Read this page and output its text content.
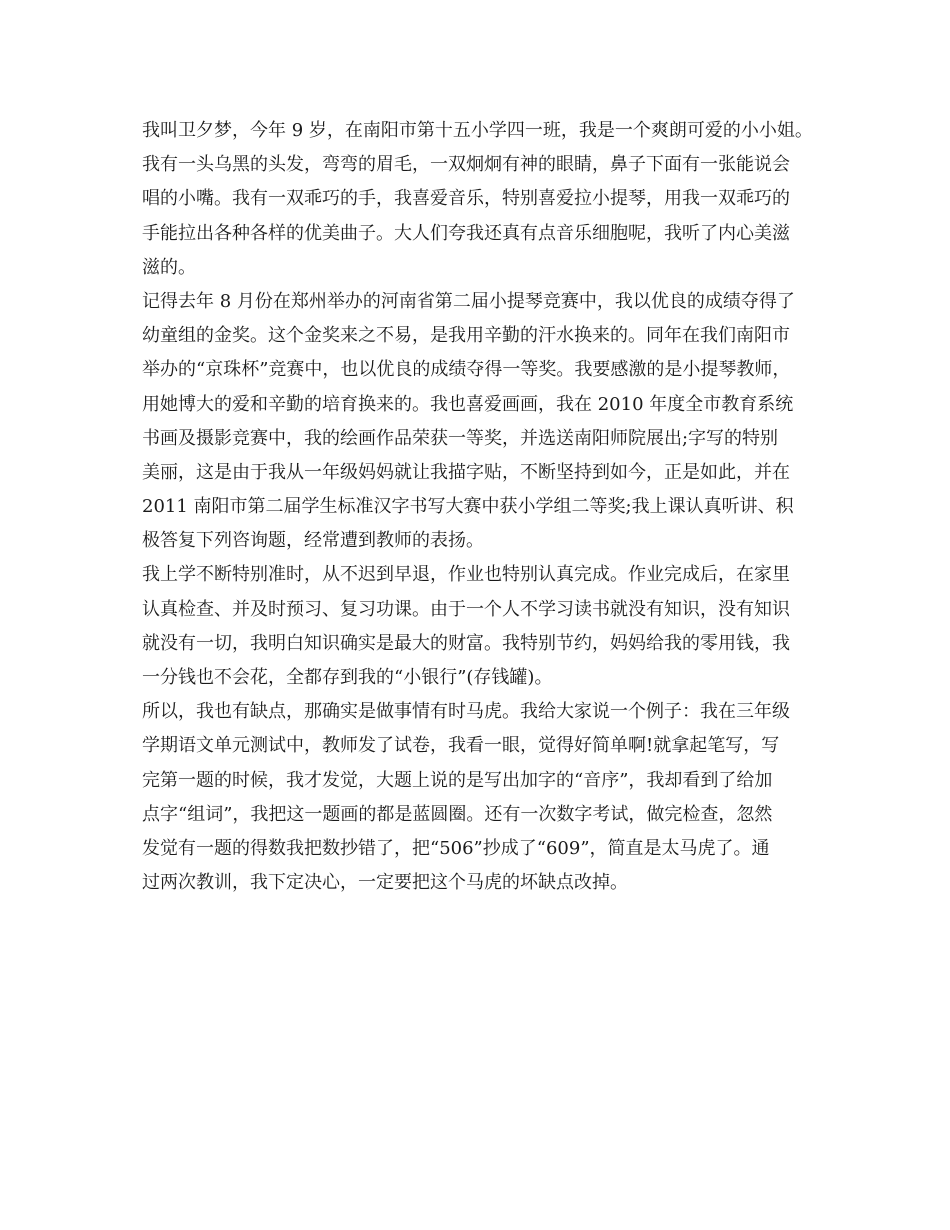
我叫卫夕梦，今年 9 岁，在南阳市第十五小学四一班，我是一个爽朗可爱的小小姐。
我有一头乌黑的头发，弯弯的眉毛，一双炯炯有神的眼睛，鼻子下面有一张能说会
唱的小嘴。我有一双乖巧的手，我喜爱音乐，特别喜爱拉小提琴，用我一双乖巧的
手能拉出各种各样的优美曲子。大人们夸我还真有点音乐细胞呢，我听了内心美滋
滋的。
记得去年 8 月份在郑州举办的河南省第二届小提琴竞赛中，我以优良的成绩夺得了
幼童组的金奖。这个金奖来之不易，是我用辛勤的汗水换来的。同年在我们南阳市
举办的“京珠杯”竞赛中，也以优良的成绩夺得一等奖。我要感激的是小提琴教师，
用她博大的爱和辛勤的培育换来的。我也喜爱画画，我在 2010 年度全市教育系统
书画及摄影竞赛中，我的绘画作品荣获一等奖，并选送南阳师院展出;字写的特别
美丽，这是由于我从一年级妈妈就让我描字贴，不断坚持到如今，正是如此，并在
2011 南阳市第二届学生标准汉字书写大赛中获小学组二等奖;我上课认真听讲、积
极答复下列咨询题，经常遭到教师的表扬。
我上学不断特别准时，从不迟到早退，作业也特别认真完成。作业完成后，在家里
认真检查、并及时预习、复习功课。由于一个人不学习读书就没有知识，没有知识
就没有一切，我明白知识确实是最大的财富。我特别节约，妈妈给我的零用钱，我
一分钱也不会花，全都存到我的“小银行”(存钱罐)。
所以，我也有缺点，那确实是做事情有时马虎。我给大家说一个例子：我在三年级
学期语文单元测试中，教师发了试卷，我看一眼，觉得好简单啊!就拿起笔写，写
完第一题的时候，我才发觉，大题上说的是写出加字的“音序”，我却看到了给加
点字“组词”，我把这一题画的都是蓝圆圈。还有一次数字考试，做完检查，忽然
发觉有一题的得数我把数抄错了，把“506”抄成了“609”，简直是太马虎了。通
过两次教训，我下定决心，一定要把这个马虎的坏缺点改掉。
